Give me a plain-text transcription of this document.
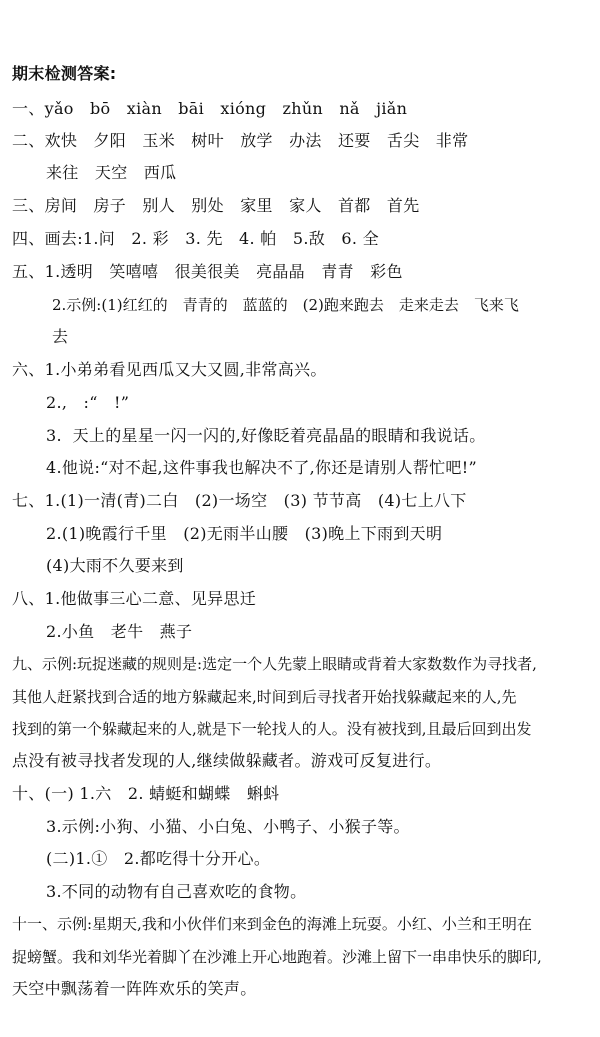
期末检测答案:
一、yǎo　bō　xiàn　bāi　xióng　zhǔn　nǎ　jiǎn
二、欢快　夕阳　玉米　树叶　放学　办法　还要　舌尖　非常
来往　天空　西瓜
三、房间　房子　别人　别处　家里　家人　首都　首先
四、画去:1.问　2. 彩　3. 先　4. 帕　5.敌　6. 全
五、1.透明　笑嘻嘻　很美很美　亮晶晶　青青　彩色
2.示例:(1)红红的　青青的　蓝蓝的　(2)跑来跑去　走来走去　飞来飞
去
六、1.小弟弟看见西瓜又大又圆,非常高兴。
2.,　:“　!”
3.  天上的星星一闪一闪的,好像眨着亮晶晶的眼睛和我说话。
4.他说:“对不起,这件事我也解决不了,你还是请别人帮忙吧!”
七、1.(1)一清(青)二白　(2)一场空　(3) 节节高　(4)七上八下
2.(1)晚霞行千里　(2)无雨半山腰　(3)晚上下雨到天明
(4)大雨不久要来到
八、1.他做事三心二意、见异思迁
2.小鱼　老牛　燕子
九、示例:玩捉迷藏的规则是:选定一个人先蒙上眼睛或背着大家数数作为寻找者,
其他人赶紧找到合适的地方躲藏起来,时间到后寻找者开始找躲藏起来的人,先
找到的第一个躲藏起来的人,就是下一轮找人的人。没有被找到,且最后回到出发
点没有被寻找者发现的人,继续做躲藏者。游戏可反复进行。
十、(一) 1.六　2. 蜻蜓和蝴蝶　蝌蚪
3.示例:小狗、小猫、小白兔、小鸭子、小猴子等。
(二)1.①　2.都吃得十分开心。
3.不同的动物有自己喜欢吃的食物。
十一、示例:星期天,我和小伙伴们来到金色的海滩上玩耍。小红、小兰和王明在
捉螃蟹。我和刘华光着脚丫在沙滩上开心地跑着。沙滩上留下一串串快乐的脚印,
天空中飘荡着一阵阵欢乐的笑声。
